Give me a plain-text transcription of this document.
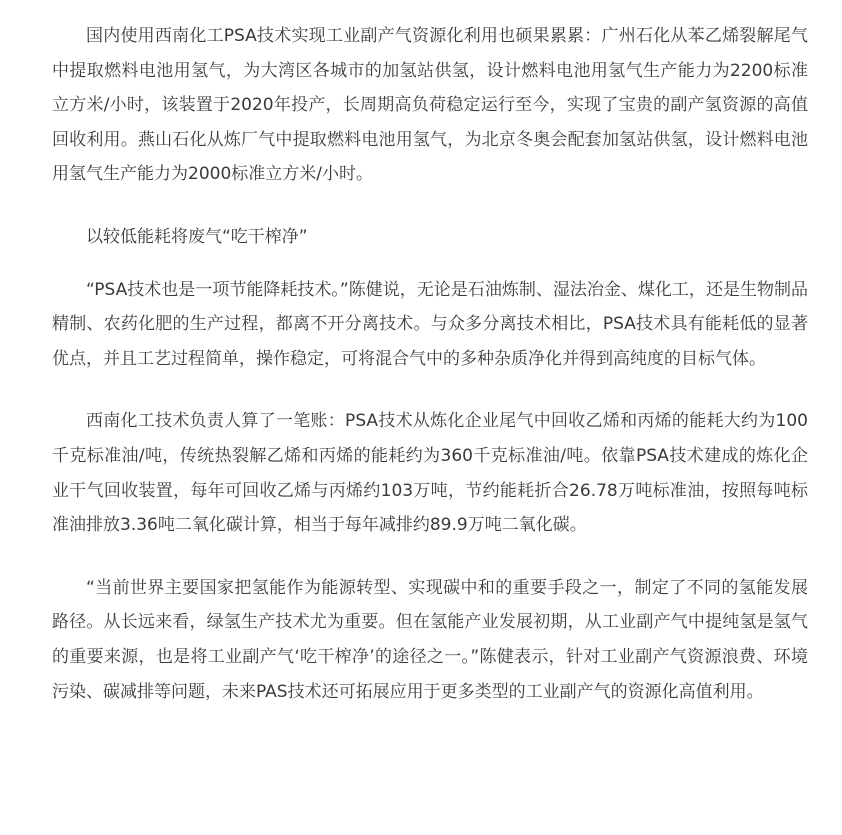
国内使用西南化工PSA技术实现工业副产气资源化利用也硕果累累：广州石化从苯乙烯裂解尾气中提取燃料电池用氢气，为大湾区各城市的加氢站供氢，设计燃料电池用氢气生产能力为2200标准立方米/小时，该装置于2020年投产，长周期高负荷稳定运行至今，实现了宝贵的副产氢资源的高值回收利用。燕山石化从炼厂气中提取燃料电池用氢气，为北京冬奥会配套加氢站供氢，设计燃料电池用氢气生产能力为2000标准立方米/小时。

以较低能耗将废气“吃干榨净”

“PSA技术也是一项节能降耗技术。”陈健说，无论是石油炼制、湿法冶金、煤化工，还是生物制品精制、农药化肥的生产过程，都离不开分离技术。与众多分离技术相比，PSA技术具有能耗低的显著优点，并且工艺过程简单，操作稳定，可将混合气中的多种杂质净化并得到高纯度的目标气体。

西南化工技术负责人算了一笔账：PSA技术从炼化企业尾气中回收乙烯和丙烯的能耗大约为100千克标准油/吨，传统热裂解乙烯和丙烯的能耗约为360千克标准油/吨。依靠PSA技术建成的炼化企业干气回收装置，每年可回收乙烯与丙烯约103万吨，节约能耗折合26.78万吨标准油，按照每吨标准油排放3.36吨二氧化碳计算，相当于每年减排约89.9万吨二氧化碳。

“当前世界主要国家把氢能作为能源转型、实现碳中和的重要手段之一，制定了不同的氢能发展路径。从长远来看，绿氢生产技术尤为重要。但在氢能产业发展初期，从工业副产气中提纯氢是氢气的重要来源，也是将工业副产气‘吃干榨净’的途径之一。”陈健表示，针对工业副产气资源浪费、环境污染、碳减排等问题，未来PAS技术还可拓展应用于更多类型的工业副产气的资源化高值利用。
